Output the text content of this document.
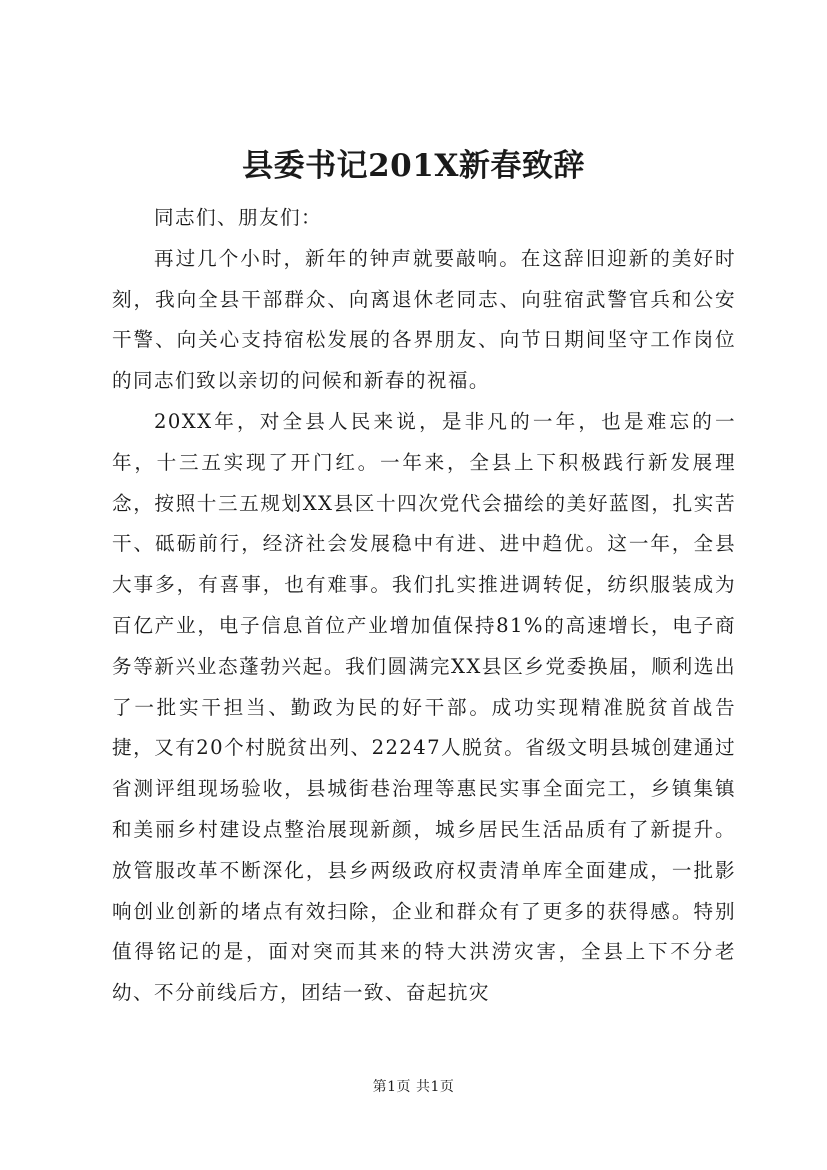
县委书记201X新春致辞

同志们、朋友们：

再过几个小时，新年的钟声就要敲响。在这辞旧迎新的美好时刻，我向全县干部群众、向离退休老同志、向驻宿武警官兵和公安干警、向关心支持宿松发展的各界朋友、向节日期间坚守工作岗位的同志们致以亲切的问候和新春的祝福。

20XX年，对全县人民来说，是非凡的一年，也是难忘的一年，十三五实现了开门红。一年来，全县上下积极践行新发展理念，按照十三五规划XX县区十四次党代会描绘的美好蓝图，扎实苦干、砥砺前行，经济社会发展稳中有进、进中趋优。这一年，全县大事多，有喜事，也有难事。我们扎实推进调转促，纺织服装成为百亿产业，电子信息首位产业增加值保持81%的高速增长，电子商务等新兴业态蓬勃兴起。我们圆满完XX县区乡党委换届，顺利选出了一批实干担当、勤政为民的好干部。成功实现精准脱贫首战告捷，又有20个村脱贫出列、22247人脱贫。省级文明县城创建通过省测评组现场验收，县城街巷治理等惠民实事全面完工，乡镇集镇和美丽乡村建设点整治展现新颜，城乡居民生活品质有了新提升。放管服改革不断深化，县乡两级政府权责清单库全面建成，一批影响创业创新的堵点有效扫除，企业和群众有了更多的获得感。特别值得铭记的是，面对突而其来的特大洪涝灾害，全县上下不分老幼、不分前线后方，团结一致、奋起抗灾

第1页 共1页
